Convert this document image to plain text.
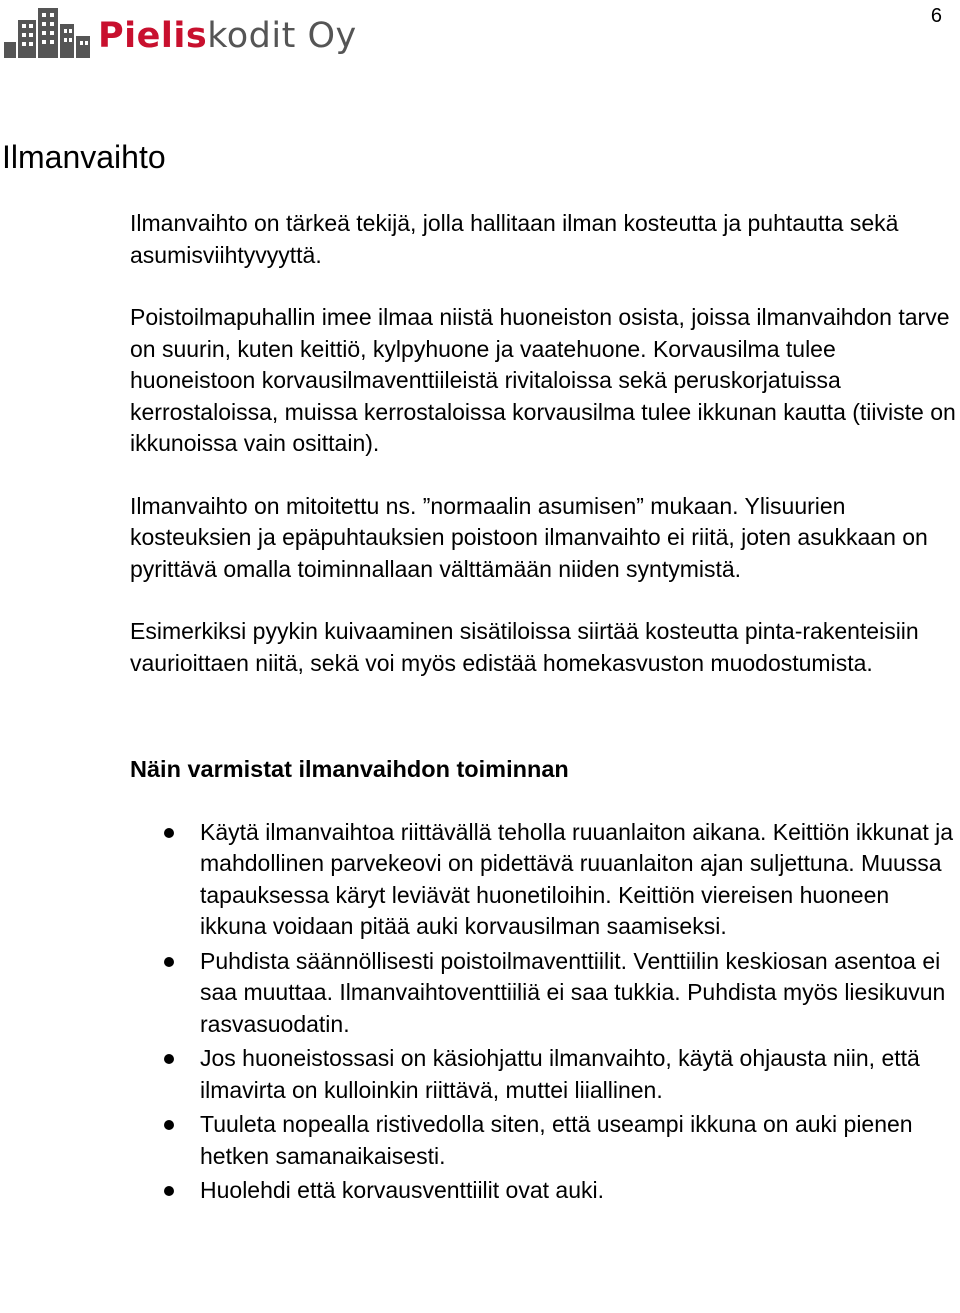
Pieliskodit Oy	6
Ilmanvaihto

Ilmanvaihto on tärkeä tekijä, jolla hallitaan ilman kosteutta ja puhtautta sekä asumisviihtyvyyttä.

Poistoilmapuhallin imee ilmaa niistä huoneiston osista, joissa ilmanvaihdon tarve on suurin, kuten keittiö, kylpyhuone ja vaatehuone. Korvausilma tulee huoneistoon korvausilmaventtiileistä rivitaloissa sekä peruskorjatuissa kerrostaloissa, muissa kerrostaloissa korvausilma tulee ikkunan kautta (tiiviste on ikkunoissa vain osittain).

Ilmanvaihto on mitoitettu ns. ”normaalin asumisen” mukaan. Ylisuurien kosteuksien ja epäpuhtauksien poistoon ilmanvaihto ei riitä, joten asukkaan on pyrittävä omalla toiminnallaan välttämään niiden syntymistä.

Esimerkiksi pyykin kuivaaminen sisätiloissa siirtää kosteutta pinta-rakenteisiin vaurioittaen niitä, sekä voi myös edistää homekasvuston muodostumista.

Näin varmistat ilmanvaihdon toiminnan
Käytä ilmanvaihtoa riittävällä teholla ruuanlaiton aikana. Keittiön ikkunat ja mahdollinen parvekeovi on pidettävä ruuanlaiton ajan suljettuna. Muussa tapauksessa käryt leviävät huonetiloihin. Keittiön viereisen huoneen ikkuna voidaan pitää auki korvausilman saamiseksi.
Puhdista säännöllisesti poistoilmaventtiilit. Venttiilin keskiosan asentoa ei saa muuttaa. Ilmanvaihtoventtiiliä ei saa tukkia. Puhdista myös liesikuvun rasvasuodatin.
Jos huoneistossasi on käsiohjattu ilmanvaihto, käytä ohjausta niin, että ilmavirta on kulloinkin riittävä, muttei liiallinen.
Tuuleta nopealla ristivedolla siten, että useampi ikkuna on auki pienen hetken samanaikaisesti.
Huolehdi että korvausventtiilit ovat auki.
